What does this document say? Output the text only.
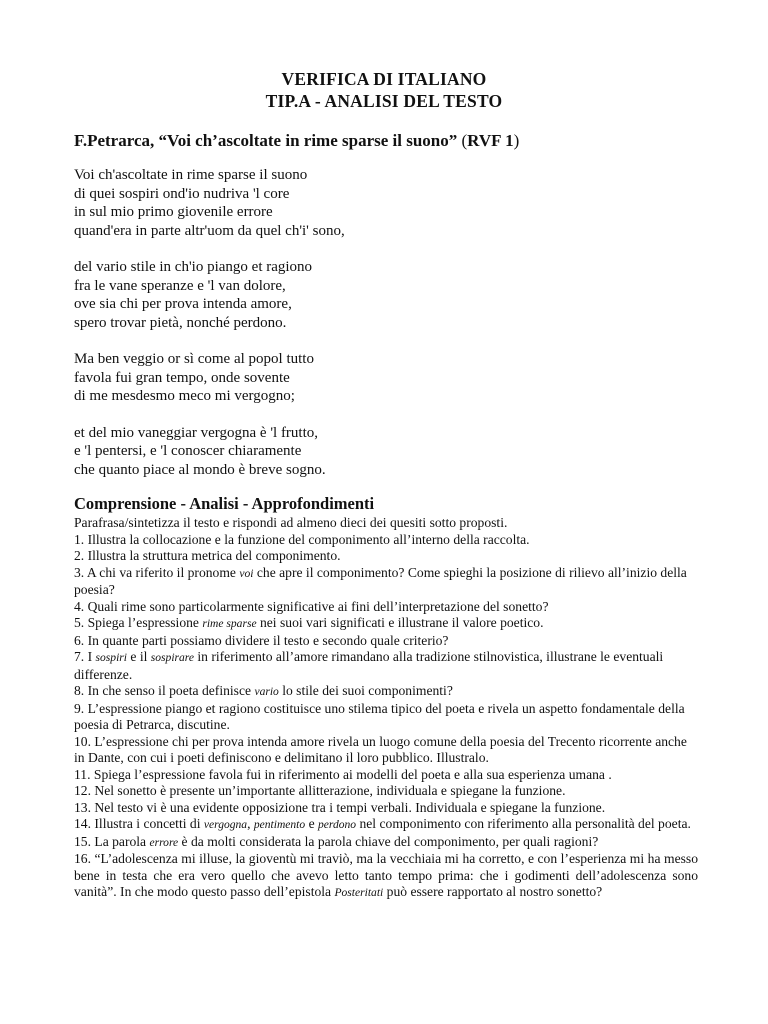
VERIFICA DI ITALIANO
TIP.A - ANALISI DEL TESTO
F.Petrarca, “Voi ch’ascoltate in rime sparse il suono” (RVF 1)
Voi ch'ascoltate in rime sparse il suono
di quei sospiri ond'io nudriva 'l core
in sul mio primo giovenile errore
quand'era in parte altr'uom da quel ch'i' sono,
del vario stile in ch'io piango et ragiono
fra le vane speranze e 'l van dolore,
ove sia chi per prova intenda amore,
spero trovar pietà, nonché perdono.
Ma ben veggio or sì come al popol tutto
favola fui gran tempo, onde sovente
di me mesdesmo meco mi vergogno;
et del mio vaneggiar vergogna è 'l frutto,
e 'l pentersi, e 'l conoscer chiaramente
che quanto piace al mondo è breve sogno.
Comprensione - Analisi - Approfondimenti

Parafrasa/sintetizza il testo e rispondi ad almeno dieci dei quesiti sotto proposti.

1. Illustra la collocazione e la funzione del componimento all’interno della raccolta.

2. Illustra la struttura metrica del componimento.

3. A chi va riferito il pronome voi che apre il componimento? Come spieghi la posizione di rilievo all’inizio della poesia?

4. Quali rime sono particolarmente significative ai fini dell’interpretazione del sonetto?

5. Spiega l’espressione rime sparse nei suoi vari significati e illustrane il valore poetico.

6. In quante parti possiamo dividere il testo e secondo quale criterio?

7. I sospiri e il sospirare in riferimento all’amore rimandano alla tradizione stilnovistica, illustrane le eventuali differenze.

8. In che senso il poeta definisce vario lo stile dei suoi componimenti?

9. L’espressione piango et ragiono costituisce uno stilema tipico del poeta e rivela un aspetto fondamentale della poesia di Petrarca, discutine.

10. L’espressione chi per prova intenda amore rivela un luogo comune della poesia del Trecento ricorrente anche in Dante, con cui i poeti definiscono e delimitano il loro pubblico. Illustralo.

11. Spiega l’espressione favola fui in riferimento ai modelli del poeta e alla sua esperienza umana .

12. Nel sonetto è presente un’importante allitterazione, individuala e spiegane la funzione.

13. Nel testo vi è una evidente opposizione tra i tempi verbali. Individuala e spiegane la funzione.

14. Illustra i concetti di vergogna, pentimento e perdono nel componimento con riferimento alla personalità del poeta.

15. La parola errore è da molti considerata la parola chiave del componimento, per quali ragioni?

16. “L’adolescenza mi illuse, la gioventù mi traviò, ma la vecchiaia mi ha corretto, e con l’esperienza mi ha messo bene in testa che era vero quello che avevo letto tanto tempo prima: che i godimenti dell’adolescenza sono vanità”. In che modo questo passo dell’epistola Posteritati può essere rapportato al nostro sonetto?
